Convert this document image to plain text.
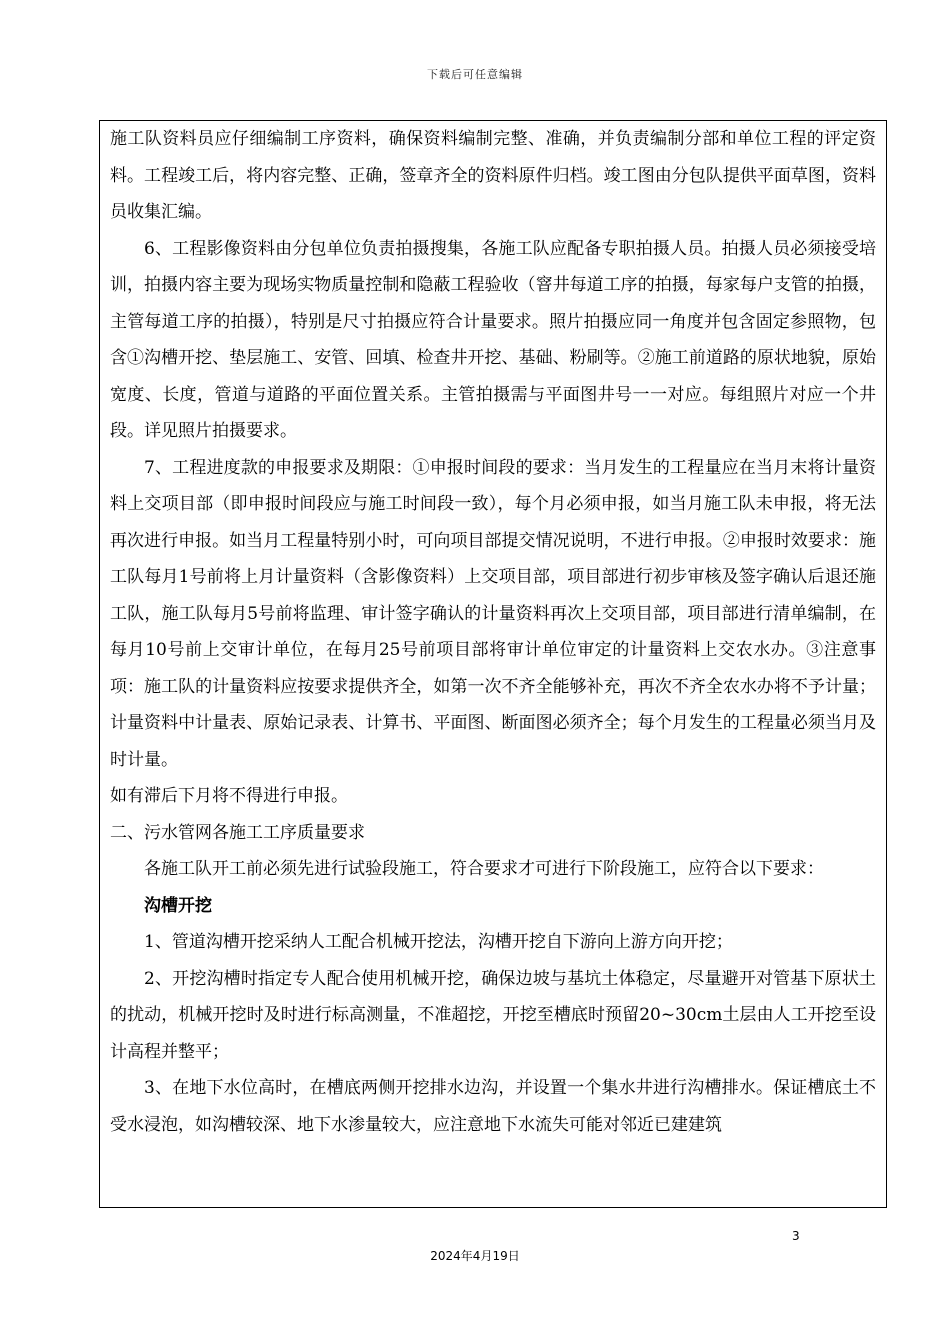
下载后可任意编辑

施工队资料员应仔细编制工序资料，确保资料编制完整、准确，并负责编制分部和单位工程的评定资料。工程竣工后，将内容完整、正确，签章齐全的资料原件归档。竣工图由分包队提供平面草图，资料员收集汇编。

6、工程影像资料由分包单位负责拍摄搜集，各施工队应配备专职拍摄人员。拍摄人员必须接受培训，拍摄内容主要为现场实物质量控制和隐蔽工程验收（窨井每道工序的拍摄，每家每户支管的拍摄，主管每道工序的拍摄），特别是尺寸拍摄应符合计量要求。照片拍摄应同一角度并包含固定参照物，包含①沟槽开挖、垫层施工、安管、回填、检查井开挖、基础、粉刷等。②施工前道路的原状地貌，原始宽度、长度，管道与道路的平面位置关系。主管拍摄需与平面图井号一一对应。每组照片对应一个井段。详见照片拍摄要求。

7、工程进度款的申报要求及期限：①申报时间段的要求：当月发生的工程量应在当月末将计量资料上交项目部（即申报时间段应与施工时间段一致），每个月必须申报，如当月施工队未申报，将无法再次进行申报。如当月工程量特别小时，可向项目部提交情况说明，不进行申报。②申报时效要求：施工队每月1号前将上月计量资料（含影像资料）上交项目部，项目部进行初步审核及签字确认后退还施工队，施工队每月5号前将监理、审计签字确认的计量资料再次上交项目部，项目部进行清单编制，在每月10号前上交审计单位，在每月25号前项目部将审计单位审定的计量资料上交农水办。③注意事项：施工队的计量资料应按要求提供齐全，如第一次不齐全能够补充，再次不齐全农水办将不予计量；计量资料中计量表、原始记录表、计算书、平面图、断面图必须齐全；每个月发生的工程量必须当月及时计量。

如有滞后下月将不得进行申报。

二、污水管网各施工工序质量要求

各施工队开工前必须先进行试验段施工，符合要求才可进行下阶段施工，应符合以下要求：

沟槽开挖

1、管道沟槽开挖采纳人工配合机械开挖法，沟槽开挖自下游向上游方向开挖；

2、开挖沟槽时指定专人配合使用机械开挖，确保边坡与基坑土体稳定，尽量避开对管基下原状土的扰动，机械开挖时及时进行标高测量，不准超挖，开挖至槽底时预留20~30cm土层由人工开挖至设计高程并整平；

3、在地下水位高时，在槽底两侧开挖排水边沟，并设置一个集水井进行沟槽排水。保证槽底土不受水浸泡，如沟槽较深、地下水渗量较大，应注意地下水流失可能对邻近已建建筑

3
2024年4月19日
